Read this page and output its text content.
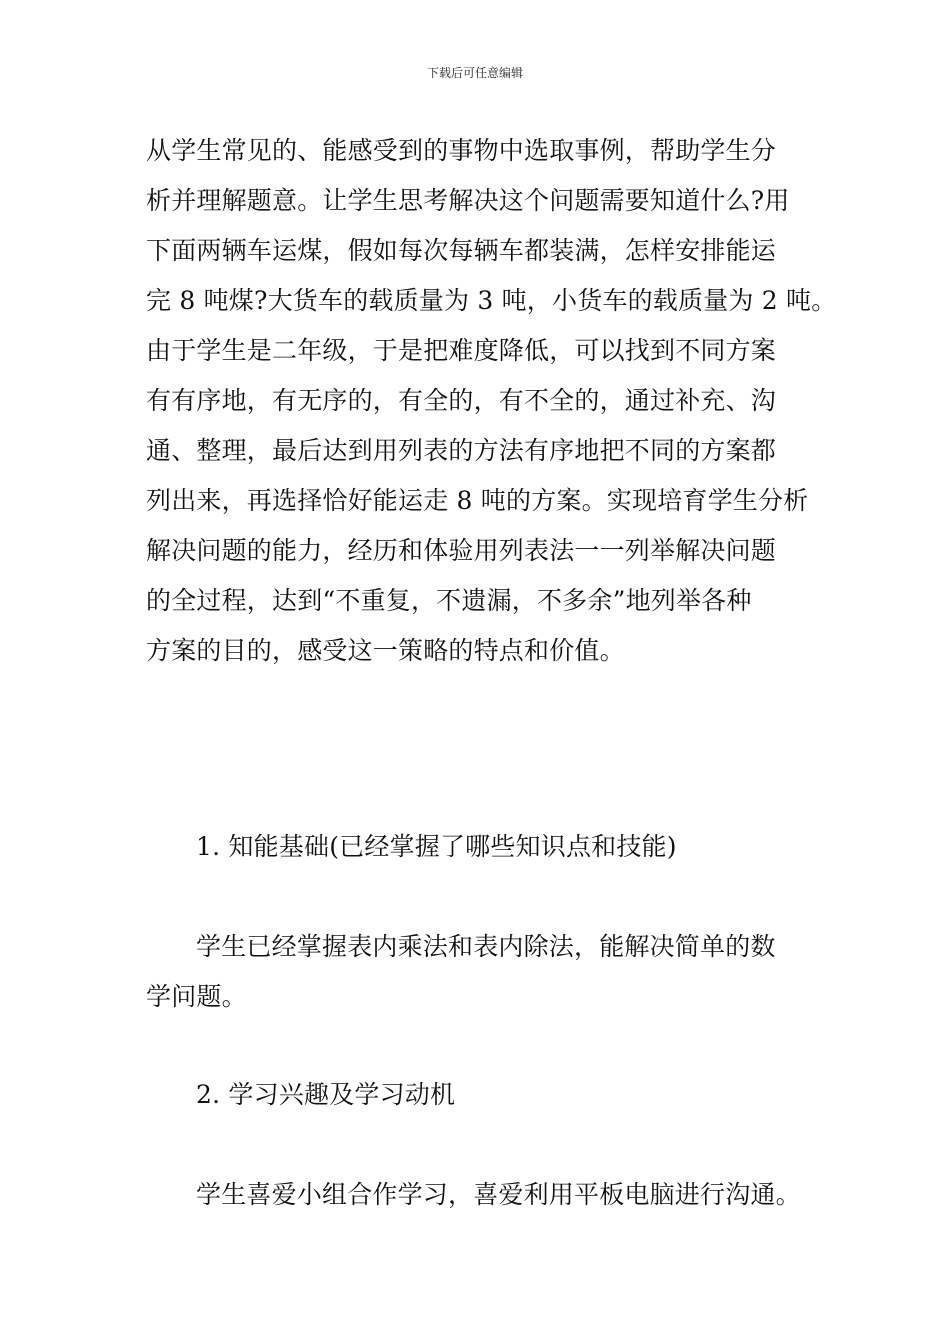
下载后可任意编辑
从学生常见的、能感受到的事物中选取事例，帮助学生分
析并理解题意。让学生思考解决这个问题需要知道什么?用
下面两辆车运煤，假如每次每辆车都装满，怎样安排能运
完 8 吨煤?大货车的载质量为 3 吨，小货车的载质量为 2 吨。
由于学生是二年级，于是把难度降低，可以找到不同方案
有有序地，有无序的，有全的，有不全的，通过补充、沟
通、整理，最后达到用列表的方法有序地把不同的方案都
列出来，再选择恰好能运走 8 吨的方案。实现培育学生分析
解决问题的能力，经历和体验用列表法一一列举解决问题
的全过程，达到“不重复，不遗漏，不多余”地列举各种
方案的目的，感受这一策略的特点和价值。
1. 知能基础(已经掌握了哪些知识点和技能)
学生已经掌握表内乘法和表内除法，能解决简单的数
学问题。
2. 学习兴趣及学习动机
学生喜爱小组合作学习，喜爱利用平板电脑进行沟通。
